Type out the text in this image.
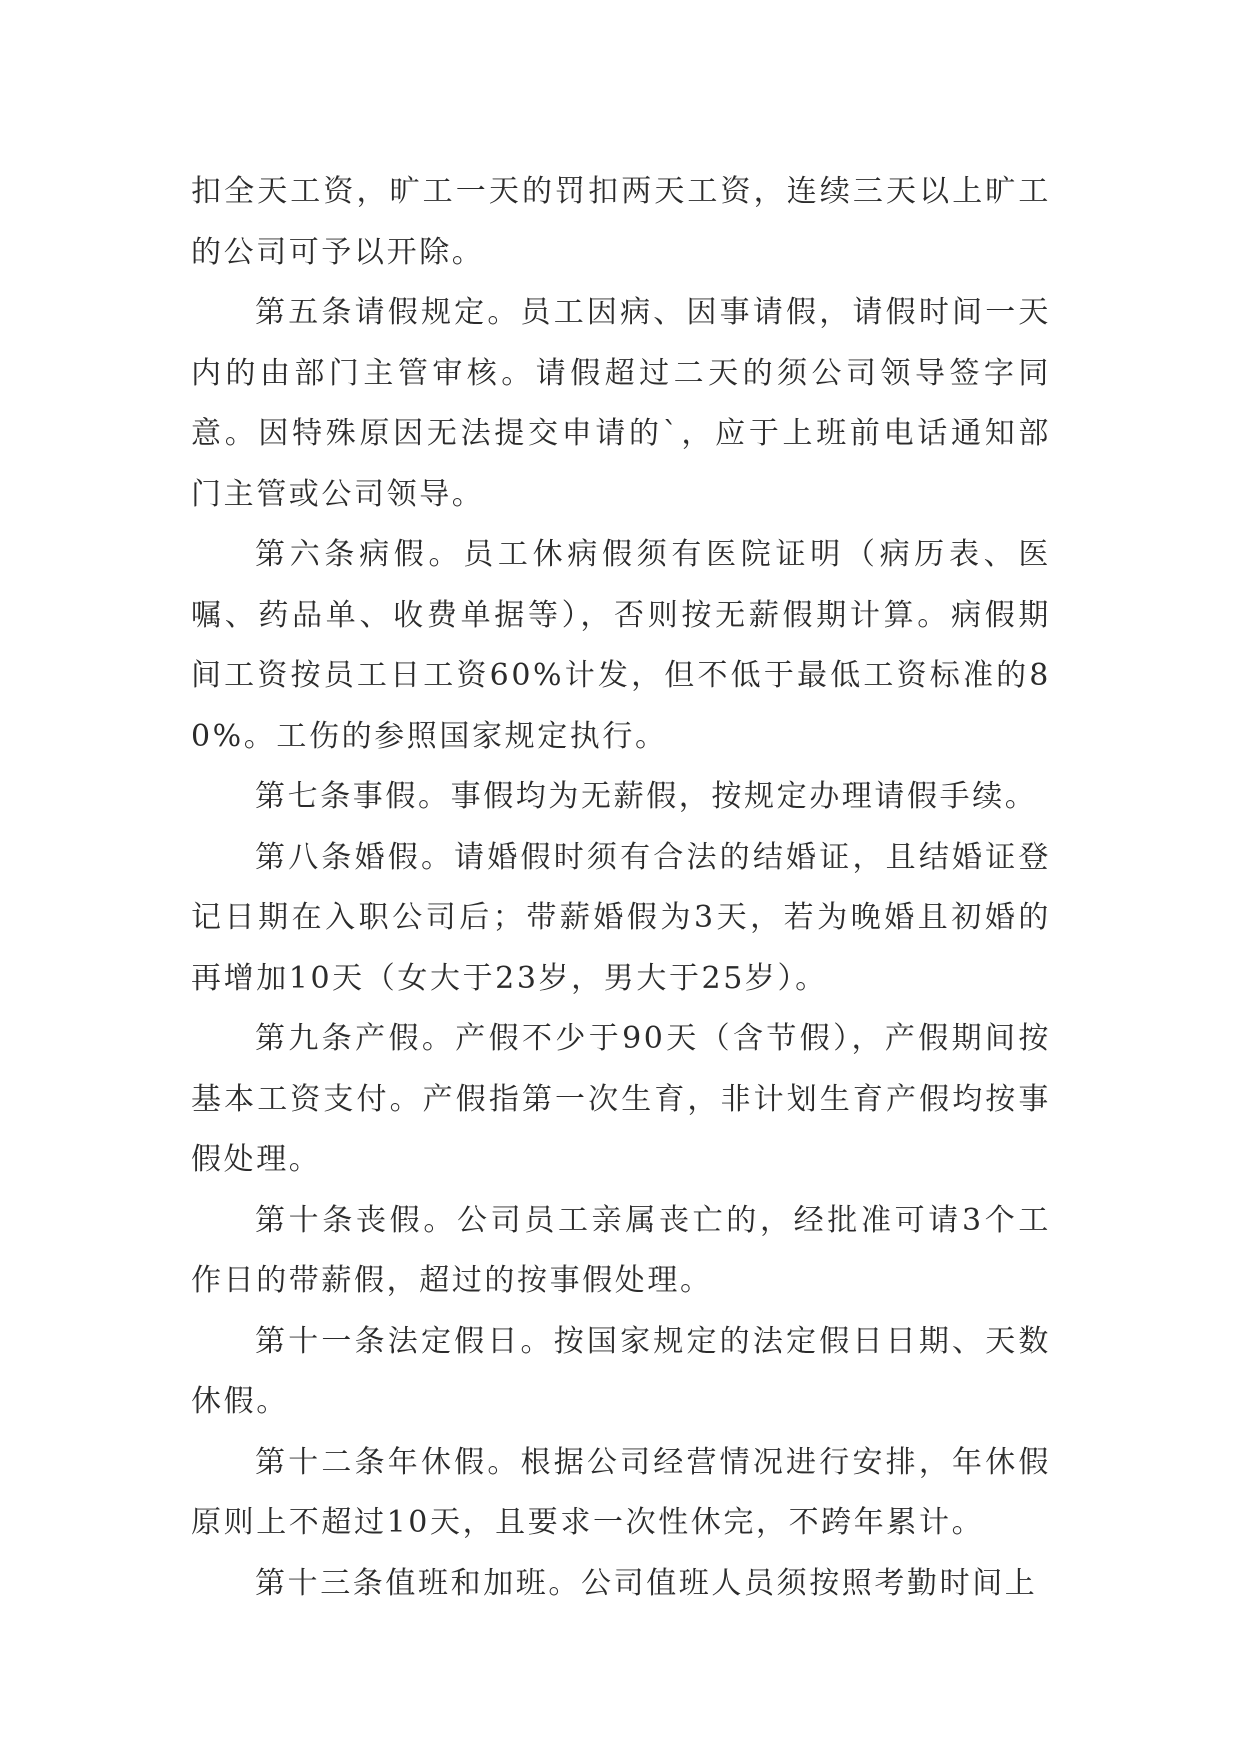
扣全天工资，旷工一天的罚扣两天工资，连续三天以上旷工的公司可予以开除。

第五条请假规定。员工因病、因事请假，请假时间一天内的由部门主管审核。请假超过二天的须公司领导签字同意。因特殊原因无法提交申请的`，应于上班前电话通知部门主管或公司领导。

第六条病假。员工休病假须有医院证明（病历表、医嘱、药品单、收费单据等），否则按无薪假期计算。病假期间工资按员工日工资60%计发，但不低于最低工资标准的80%。工伤的参照国家规定执行。

第七条事假。事假均为无薪假，按规定办理请假手续。

第八条婚假。请婚假时须有合法的结婚证，且结婚证登记日期在入职公司后；带薪婚假为3天，若为晚婚且初婚的再增加10天（女大于23岁，男大于25岁）。

第九条产假。产假不少于90天（含节假），产假期间按基本工资支付。产假指第一次生育，非计划生育产假均按事假处理。

第十条丧假。公司员工亲属丧亡的，经批准可请3个工作日的带薪假，超过的按事假处理。

第十一条法定假日。按国家规定的法定假日日期、天数休假。

第十二条年休假。根据公司经营情况进行安排，年休假原则上不超过10天，且要求一次性休完，不跨年累计。

第十三条值班和加班。公司值班人员须按照考勤时间上
